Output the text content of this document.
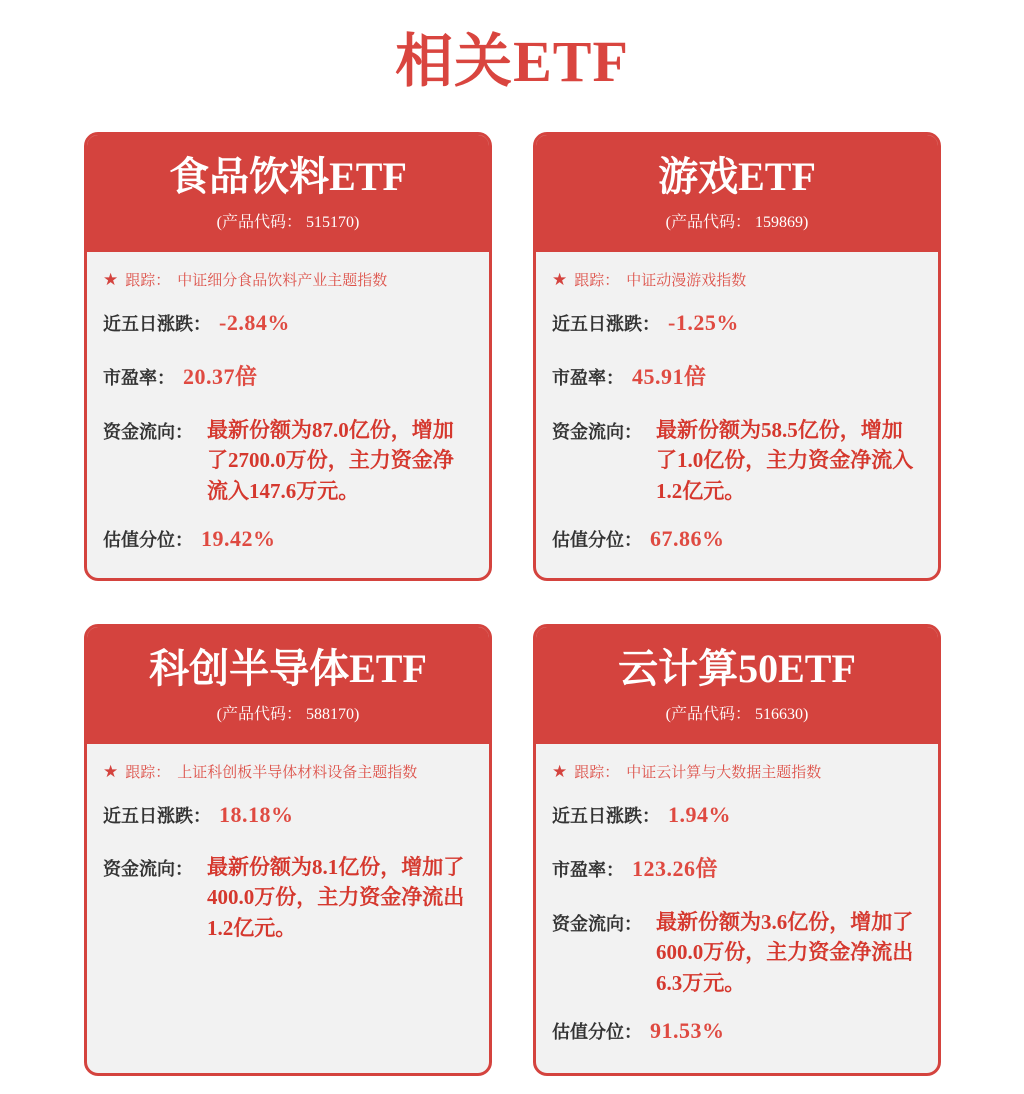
相关ETF
食品饮料ETF
(产品代码： 515170)
★ 跟踪： 中证细分食品饮料产业主题指数
近五日涨跌： -2.84%
市盈率： 20.37倍
资金流向： 最新份额为87.0亿份，增加了2700.0万份，主力资金净流入147.6万元。
估值分位： 19.42%
游戏ETF
(产品代码： 159869)
★ 跟踪： 中证动漫游戏指数
近五日涨跌： -1.25%
市盈率： 45.91倍
资金流向： 最新份额为58.5亿份，增加了1.0亿份，主力资金净流入1.2亿元。
估值分位： 67.86%
科创半导体ETF
(产品代码： 588170)
★ 跟踪： 上证科创板半导体材料设备主题指数
近五日涨跌： 18.18%
资金流向： 最新份额为8.1亿份，增加了400.0万份，主力资金净流出1.2亿元。
云计算50ETF
(产品代码： 516630)
★ 跟踪： 中证云计算与大数据主题指数
近五日涨跌： 1.94%
市盈率： 123.26倍
资金流向： 最新份额为3.6亿份，增加了600.0万份，主力资金净流出6.3万元。
估值分位： 91.53%
